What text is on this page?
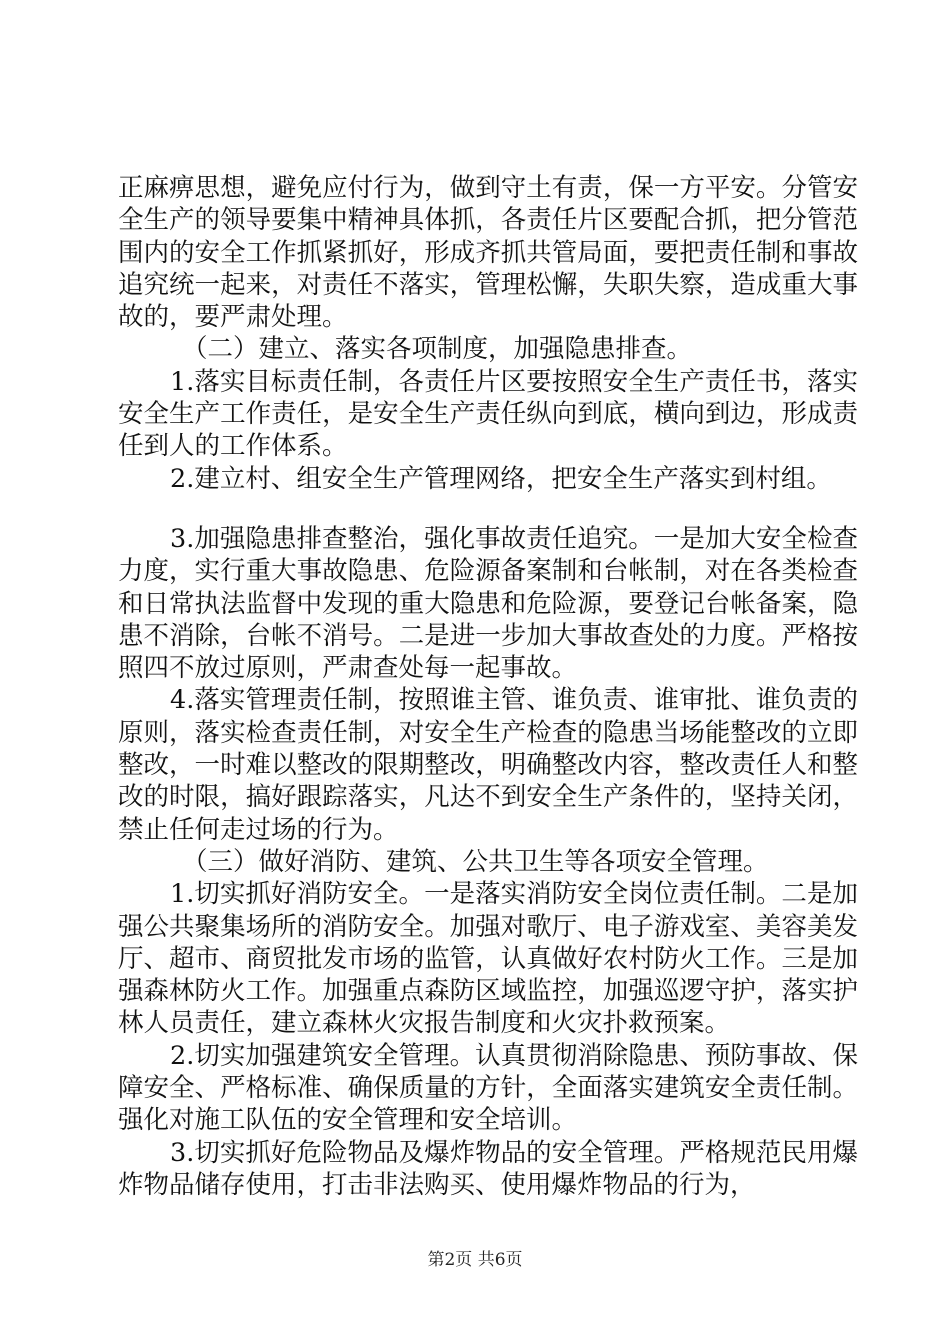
正麻痹思想，避免应付行为，做到守土有责，保一方平安。分管安全生产的领导要集中精神具体抓，各责任片区要配合抓，把分管范围内的安全工作抓紧抓好，形成齐抓共管局面，要把责任制和事故追究统一起来，对责任不落实，管理松懈，失职失察，造成重大事故的，要严肃处理。

（二）建立、落实各项制度，加强隐患排查。

1.落实目标责任制，各责任片区要按照安全生产责任书，落实安全生产工作责任，是安全生产责任纵向到底，横向到边，形成责任到人的工作体系。

2.建立村、组安全生产管理网络，把安全生产落实到村组。

3.加强隐患排查整治，强化事故责任追究。一是加大安全检查力度，实行重大事故隐患、危险源备案制和台帐制，对在各类检查和日常执法监督中发现的重大隐患和危险源，要登记台帐备案，隐患不消除，台帐不消号。二是进一步加大事故查处的力度。严格按照四不放过原则，严肃查处每一起事故。

4.落实管理责任制，按照谁主管、谁负责、谁审批、谁负责的原则，落实检查责任制，对安全生产检查的隐患当场能整改的立即整改，一时难以整改的限期整改，明确整改内容，整改责任人和整改的时限，搞好跟踪落实，凡达不到安全生产条件的，坚持关闭，禁止任何走过场的行为。

（三）做好消防、建筑、公共卫生等各项安全管理。

1.切实抓好消防安全。一是落实消防安全岗位责任制。二是加强公共聚集场所的消防安全。加强对歌厅、电子游戏室、美容美发厅、超市、商贸批发市场的监管，认真做好农村防火工作。三是加强森林防火工作。加强重点森防区域监控，加强巡逻守护，落实护林人员责任，建立森林火灾报告制度和火灾扑救预案。

2.切实加强建筑安全管理。认真贯彻消除隐患、预防事故、保障安全、严格标准、确保质量的方针，全面落实建筑安全责任制。强化对施工队伍的安全管理和安全培训。

3.切实抓好危险物品及爆炸物品的安全管理。严格规范民用爆炸物品储存使用，打击非法购买、使用爆炸物品的行为，

第2页 共6页
